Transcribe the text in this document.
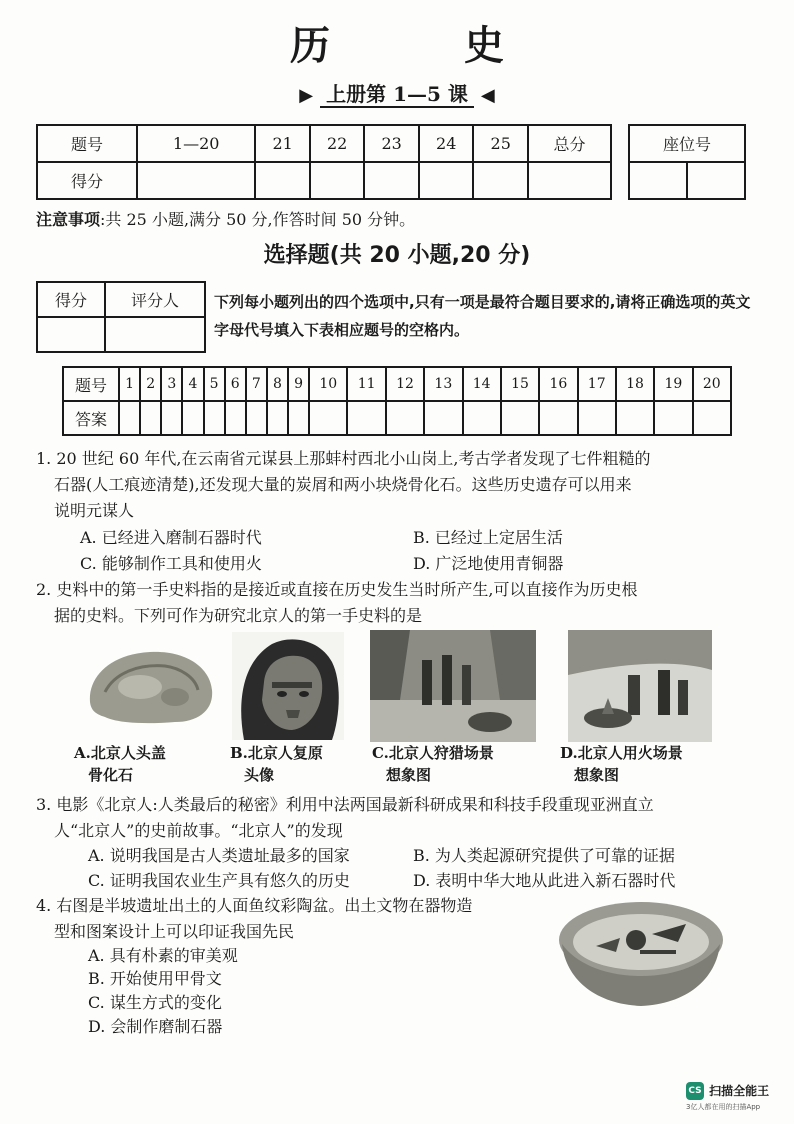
历 史
▶ 上册第 1—5 课 ◀
题号	1—20	21	22	23	24	25	总分
得分							
座位号

注意事项:共 25 小题,满分 50 分,作答时间 50 分钟。
选择题(共 20 小题,20 分)
得分	评分人
	下列每小题列出的四个选项中,只有一项是最符合题目要求的,请将正确选项的英文字母代号填入下表相应题号的空格内。
题号	1	2	3	4	5	6	7	8	9	10	11	12	13	14	15	16	17	18	19	20
答案																				
1. 20 世纪 60 年代,在云南省元谋县上那蚌村西北小山岗上,考古学者发现了七件粗糙的
石器(人工痕迹清楚),还发现大量的炭屑和两小块烧骨化石。这些历史遗存可以用来
说明元谋人
A. 已经进入磨制石器时代	B. 已经过上定居生活
C. 能够制作工具和使用火	D. 广泛地使用青铜器
2. 史料中的第一手史料指的是接近或直接在历史发生当时所产生,可以直接作为历史根
据的史料。下列可作为研究北京人的第一手史料的是
A.北京人头盖
骨化石
B.北京人复原
头像
C.北京人狩猎场景
想象图
D.北京人用火场景
想象图
3. 电影《北京人:人类最后的秘密》利用中法两国最新科研成果和科技手段重现亚洲直立
人“北京人”的史前故事。“北京人”的发现
A. 说明我国是古人类遗址最多的国家	B. 为人类起源研究提供了可靠的证据
C. 证明我国农业生产具有悠久的历史	D. 表明中华大地从此进入新石器时代
4. 右图是半坡遗址出土的人面鱼纹彩陶盆。出土文物在器物造
型和图案设计上可以印证我国先民
A. 具有朴素的审美观
B. 开始使用甲骨文
C. 谋生方式的变化
D. 会制作磨制石器
CS 扫描全能王
3亿人都在用的扫描App
